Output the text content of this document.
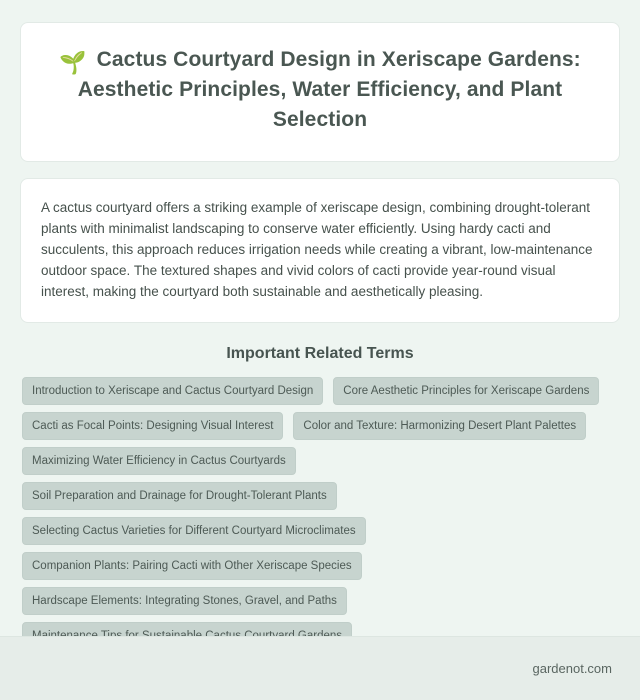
🌱 Cactus Courtyard Design in Xeriscape Gardens: Aesthetic Principles, Water Efficiency, and Plant Selection

A cactus courtyard offers a striking example of xeriscape design, combining drought-tolerant plants with minimalist landscaping to conserve water efficiently. Using hardy cacti and succulents, this approach reduces irrigation needs while creating a vibrant, low-maintenance outdoor space. The textured shapes and vivid colors of cacti provide year-round visual interest, making the courtyard both sustainable and aesthetically pleasing.

Important Related Terms
Introduction to Xeriscape and Cactus Courtyard Design	Core Aesthetic Principles for Xeriscape Gardens
Cacti as Focal Points: Designing Visual Interest	Color and Texture: Harmonizing Desert Plant Palettes
Maximizing Water Efficiency in Cactus Courtyards
Soil Preparation and Drainage for Drought-Tolerant Plants
Selecting Cactus Varieties for Different Courtyard Microclimates
Companion Plants: Pairing Cacti with Other Xeriscape Species
Hardscape Elements: Integrating Stones, Gravel, and Paths
gardenot.com
